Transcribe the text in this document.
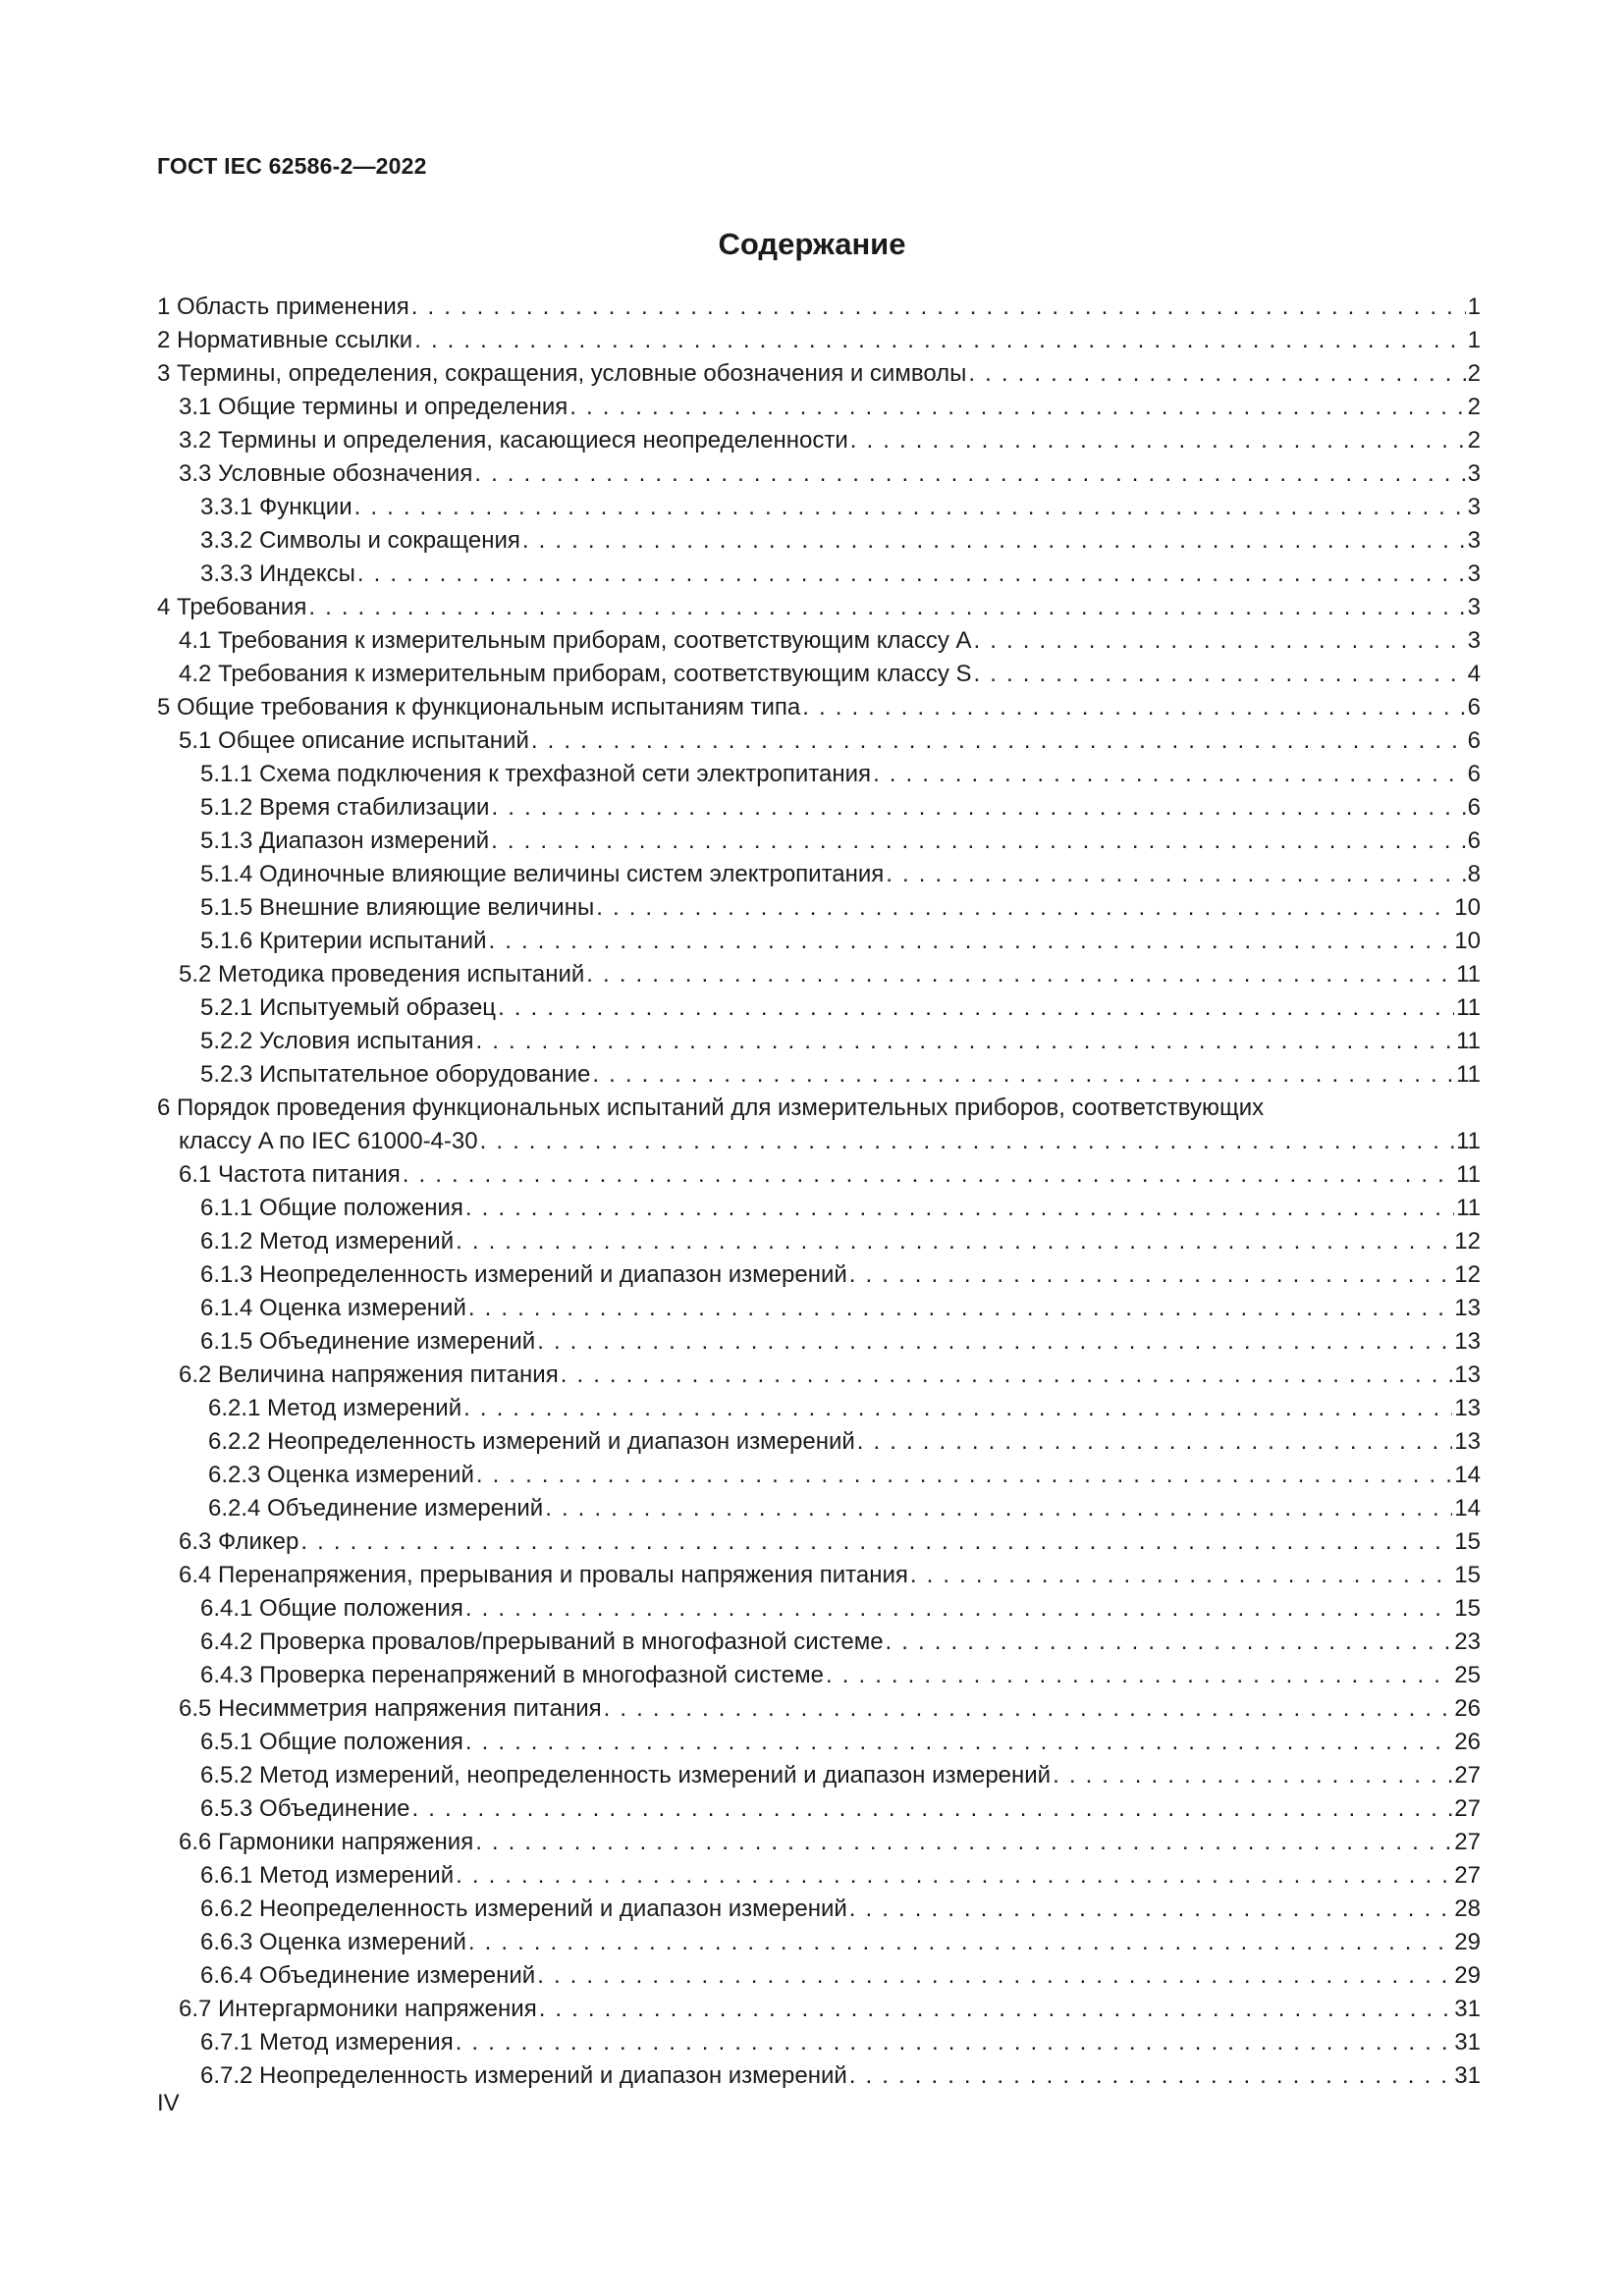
ГОСТ IEC 62586-2—2022
Содержание
1 Область применения . . .	1
2 Нормативные ссылки . . .	1
3 Термины, определения, сокращения, условные обозначения и символы . . .	2
3.1 Общие термины и определения . . .	2
3.2 Термины и определения, касающиеся неопределенности . . .	2
3.3 Условные обозначения . . .	3
3.3.1 Функции . . .	3
3.3.2 Символы и сокращения . . .	3
3.3.3 Индексы . . .	3
4 Требования . . .	3
4.1 Требования к измерительным приборам, соответствующим классу A . . .	3
4.2 Требования к измерительным приборам, соответствующим классу S . . .	4
5 Общие требования к функциональным испытаниям типа . . .	6
5.1 Общее описание испытаний . . .	6
5.1.1 Схема подключения к трехфазной сети электропитания . . .	6
5.1.2 Время стабилизации . . .	6
5.1.3 Диапазон измерений . . .	6
5.1.4 Одиночные влияющие величины систем электропитания . . .	8
5.1.5 Внешние влияющие величины . . .	10
5.1.6 Критерии испытаний . . .	10
5.2 Методика проведения испытаний . . .	11
5.2.1 Испытуемый образец . . .	11
5.2.2 Условия испытания . . .	11
5.2.3 Испытательное оборудование . . .	11
6 Порядок проведения функциональных испытаний для измерительных приборов, соответствующих
классу A по IEC 61000-4-30 . . .	11
6.1 Частота питания . . .	11
6.1.1 Общие положения . . .	11
6.1.2 Метод измерений . . .	12
6.1.3 Неопределенность измерений и диапазон измерений . . .	12
6.1.4 Оценка измерений . . .	13
6.1.5 Объединение измерений . . .	13
6.2 Величина напряжения питания . . .	13
6.2.1 Метод измерений . . .	13
6.2.2 Неопределенность измерений и диапазон измерений . . .	13
6.2.3 Оценка измерений . . .	14
6.2.4 Объединение измерений . . .	14
6.3 Фликер . . .	15
6.4 Перенапряжения, прерывания и провалы напряжения питания . . .	15
6.4.1 Общие положения . . .	15
6.4.2 Проверка провалов/прерываний в многофазной системе . . .	23
6.4.3 Проверка перенапряжений в многофазной системе . . .	25
6.5 Несимметрия напряжения питания . . .	26
6.5.1 Общие положения . . .	26
6.5.2 Метод измерений, неопределенность измерений и диапазон измерений . . .	27
6.5.3 Объединение . . .	27
6.6 Гармоники напряжения . . .	27
6.6.1 Метод измерений . . .	27
6.6.2 Неопределенность измерений и диапазон измерений . . .	28
6.6.3 Оценка измерений . . .	29
6.6.4 Объединение измерений . . .	29
6.7 Интергармоники напряжения . . .	31
6.7.1 Метод измерения . . .	31
6.7.2 Неопределенность измерений и диапазон измерений . . .	31
IV
